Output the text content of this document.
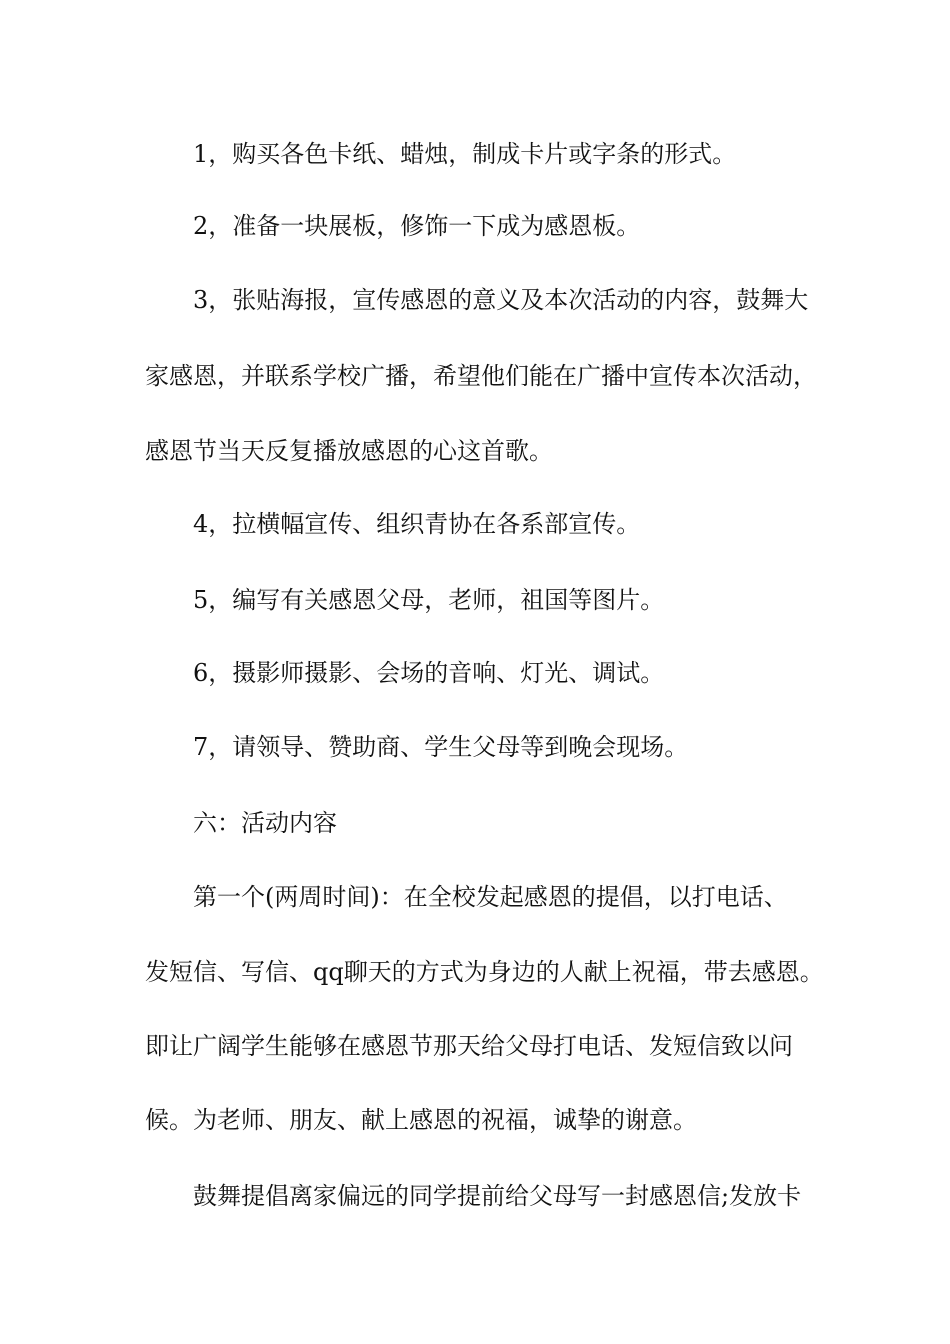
1，购买各色卡纸、蜡烛，制成卡片或字条的形式。
2，准备一块展板，修饰一下成为感恩板。
3，张贴海报，宣传感恩的意义及本次活动的内容，鼓舞大
家感恩，并联系学校广播，希望他们能在广播中宣传本次活动，
感恩节当天反复播放感恩的心这首歌。
4，拉横幅宣传、组织青协在各系部宣传。
5，编写有关感恩父母，老师，祖国等图片。
6，摄影师摄影、会场的音响、灯光、调试。
7，请领导、赞助商、学生父母等到晚会现场。
六：活动内容
第一个(两周时间)：在全校发起感恩的提倡，以打电话、
发短信、写信、qq聊天的方式为身边的人献上祝福，带去感恩。
即让广阔学生能够在感恩节那天给父母打电话、发短信致以问
候。为老师、朋友、献上感恩的祝福，诚挚的谢意。
鼓舞提倡离家偏远的同学提前给父母写一封感恩信;发放卡
